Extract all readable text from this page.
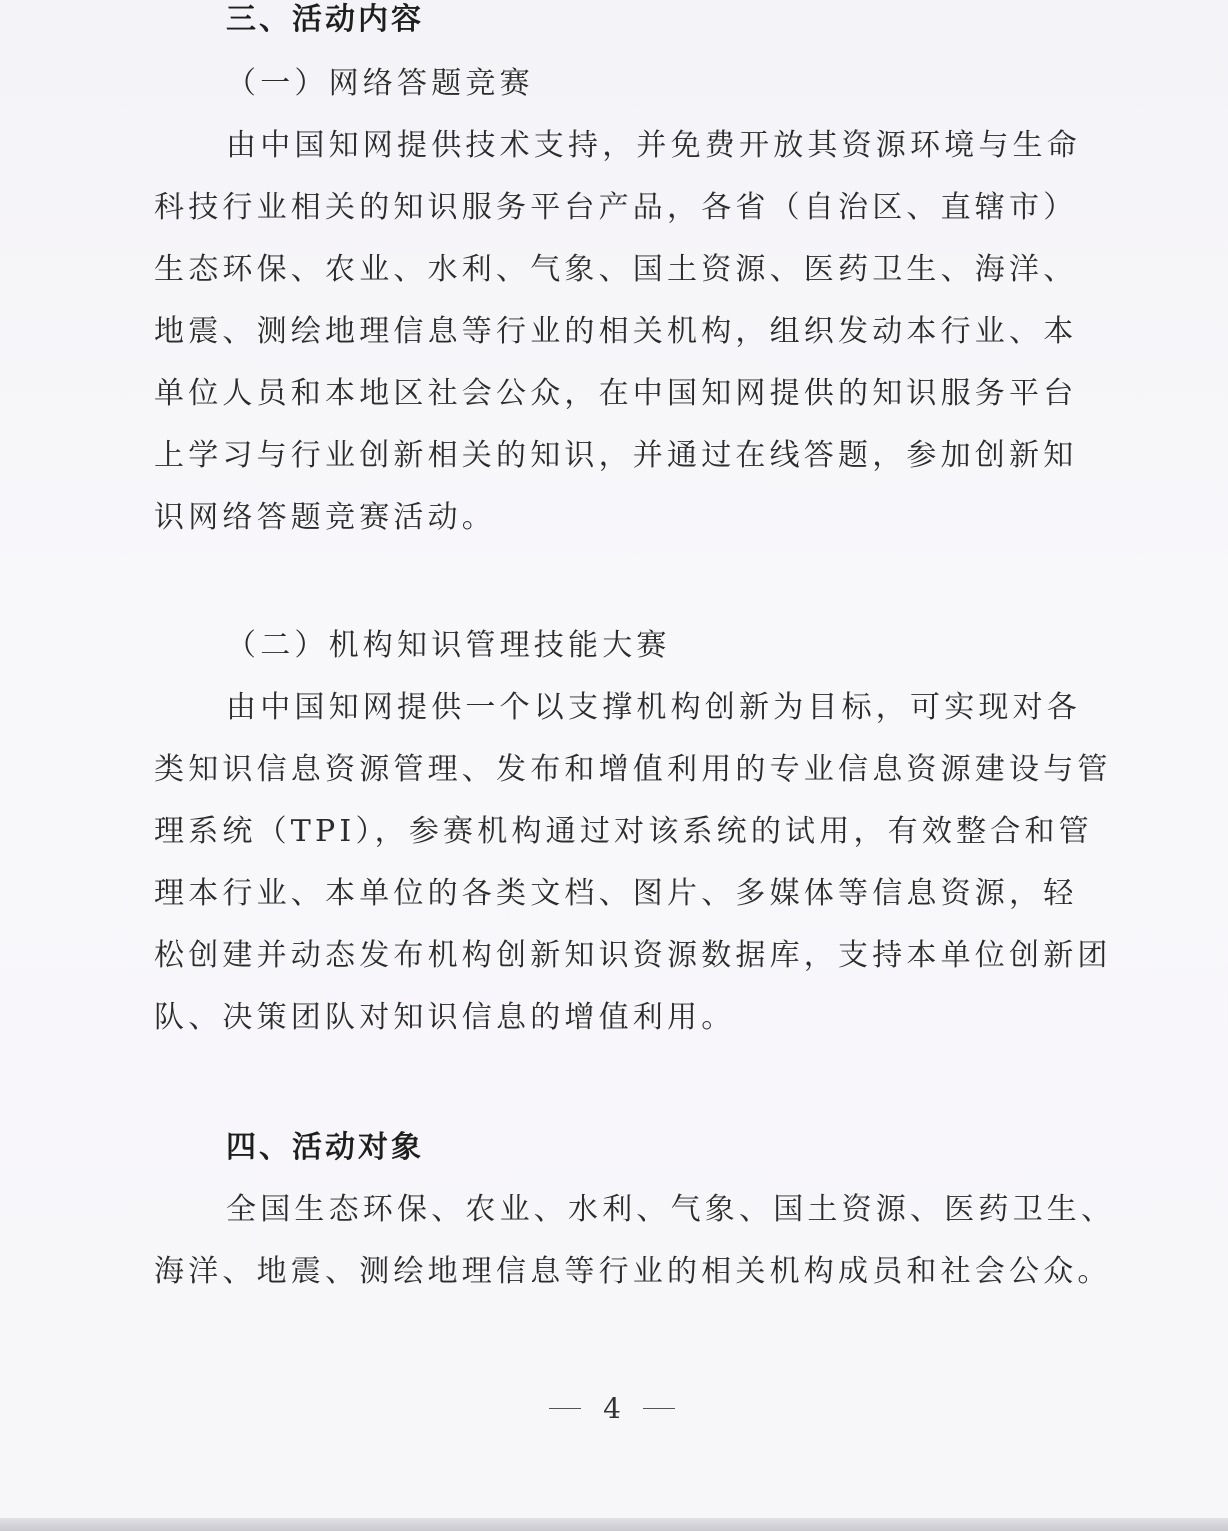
三、活动内容
（一）网络答题竞赛
由中国知网提供技术支持，并免费开放其资源环境与生命
科技行业相关的知识服务平台产品，各省（自治区、直辖市）
生态环保、农业、水利、气象、国土资源、医药卫生、海洋、
地震、测绘地理信息等行业的相关机构，组织发动本行业、本
单位人员和本地区社会公众，在中国知网提供的知识服务平台
上学习与行业创新相关的知识，并通过在线答题，参加创新知
识网络答题竞赛活动。
（二）机构知识管理技能大赛
由中国知网提供一个以支撑机构创新为目标，可实现对各
类知识信息资源管理、发布和增值利用的专业信息资源建设与管
理系统（TPI），参赛机构通过对该系统的试用，有效整合和管
理本行业、本单位的各类文档、图片、多媒体等信息资源，轻
松创建并动态发布机构创新知识资源数据库，支持本单位创新团
队、决策团队对知识信息的增值利用。
四、活动对象
全国生态环保、农业、水利、气象、国土资源、医药卫生、
海洋、地震、测绘地理信息等行业的相关机构成员和社会公众。
4
